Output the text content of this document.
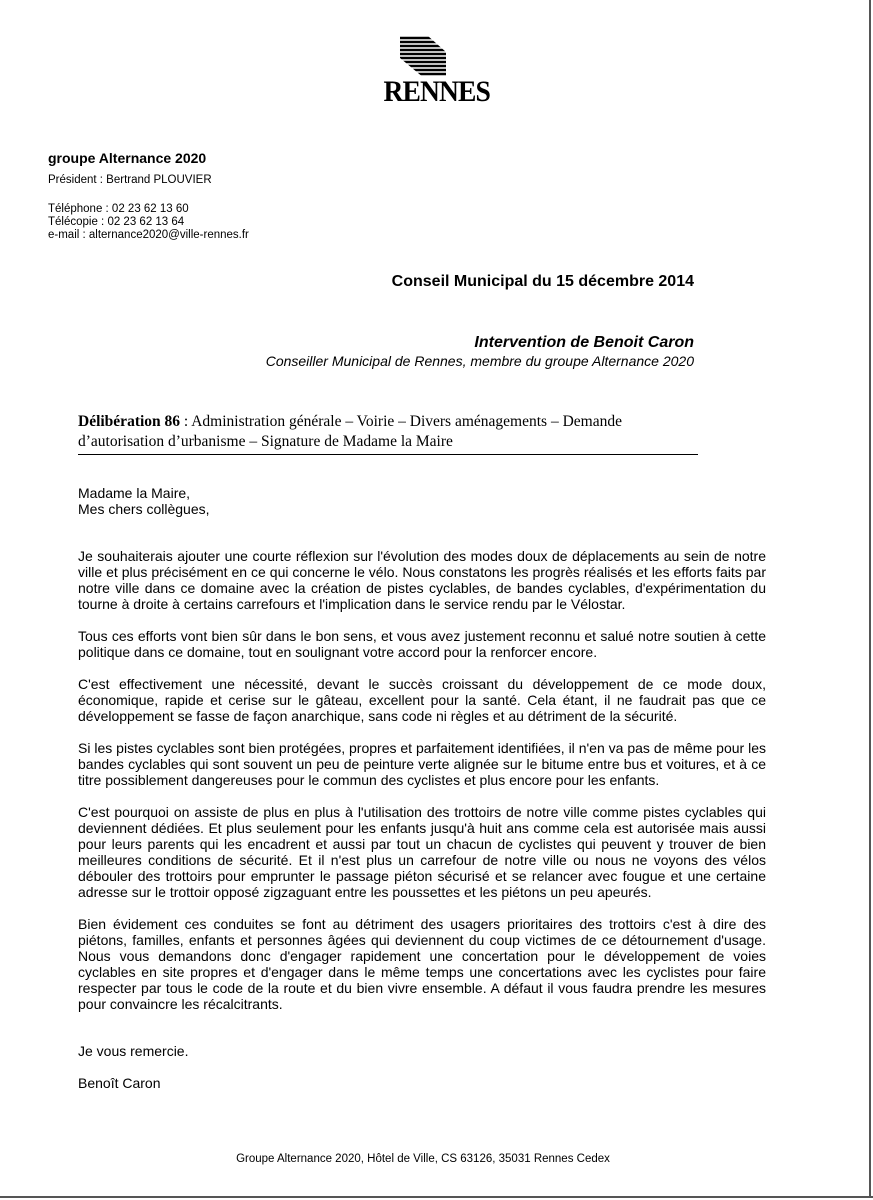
RENNES

groupe Alternance 2020

Président : Bertrand PLOUVIER

Téléphone : 02 23 62 13 60
Télécopie : 02 23 62 13 64
e-mail : alternance2020@ville-rennes.fr
Conseil Municipal du 15 décembre 2014
Intervention de Benoit Caron
Conseiller Municipal de Rennes, membre du groupe Alternance 2020
Délibération 86 : Administration générale – Voirie – Divers aménagements – Demande d’autorisation d’urbanisme – Signature de Madame la Maire

Madame la Maire,

Mes chers collègues,

Je souhaiterais ajouter une courte réflexion sur l'évolution des modes doux de déplacements au sein de notre ville et plus précisément en ce qui concerne le vélo. Nous constatons les progrès réalisés et les efforts faits par notre ville dans ce domaine avec la création de pistes cyclables, de bandes cyclables, d'expérimentation du tourne à droite à certains carrefours et l'implication dans le service rendu par le Vélostar.

Tous ces efforts vont bien sûr dans le bon sens, et vous avez justement reconnu et salué notre soutien à cette politique dans ce domaine, tout en soulignant votre accord pour la renforcer encore.

C'est effectivement une nécessité, devant le succès croissant du développement de ce mode doux, économique, rapide et cerise sur le gâteau, excellent pour la santé. Cela étant, il ne faudrait pas que ce développement se fasse de façon anarchique, sans code ni règles et au détriment de la sécurité.

Si les pistes cyclables sont bien protégées, propres et parfaitement identifiées, il n'en va pas de même pour les bandes cyclables qui sont souvent un peu de peinture verte alignée sur le bitume entre bus et voitures, et à ce titre possiblement dangereuses pour le commun des cyclistes et plus encore pour les enfants.

C'est pourquoi on assiste de plus en plus à l'utilisation des trottoirs de notre ville comme pistes cyclables qui deviennent dédiées. Et plus seulement pour les enfants jusqu'à huit ans comme cela est autorisée mais aussi pour leurs parents qui les encadrent et aussi par tout un chacun de cyclistes qui peuvent y trouver de bien meilleures conditions de sécurité. Et il n'est plus un carrefour de notre ville ou nous ne voyons des vélos débouler des trottoirs pour emprunter le passage piéton sécurisé et se relancer avec fougue et une certaine adresse sur le trottoir opposé zigzaguant entre les poussettes et les piétons un peu apeurés.

Bien évidement ces conduites se font au détriment des usagers prioritaires des trottoirs c'est à dire des piétons, familles, enfants et personnes âgées qui deviennent du coup victimes de ce détournement d'usage. Nous vous demandons donc d'engager rapidement une concertation pour le développement de voies cyclables en site propres et d'engager dans le même temps une concertations avec les cyclistes pour faire respecter par tous le code de la route et du bien vivre ensemble. A défaut il vous faudra prendre les mesures pour convaincre les récalcitrants.

Je vous remercie.

Benoît Caron

Groupe Alternance 2020, Hôtel de Ville, CS 63126, 35031 Rennes Cedex
